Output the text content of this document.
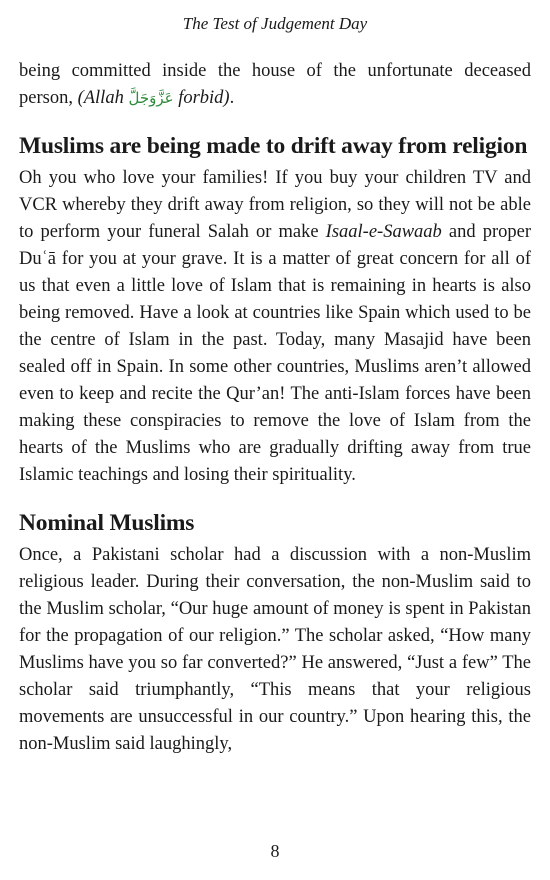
The Test of Judgement Day

being committed inside the house of the unfortunate deceased person, (Allah عَزَّوَجَلَّ forbid).

Muslims are being made to drift away from religion

Oh you who love your families! If you buy your children TV and VCR whereby they drift away from religion, so they will not be able to perform your funeral Salah or make Isaal-e-Sawaab and proper Duʿā for you at your grave. It is a matter of great concern for all of us that even a little love of Islam that is remaining in hearts is also being removed. Have a look at countries like Spain which used to be the centre of Islam in the past. Today, many Masajid have been sealed off in Spain. In some other countries, Muslims aren’t allowed even to keep and recite the Qur’an! The anti-Islam forces have been making these conspiracies to remove the love of Islam from the hearts of the Muslims who are gradually drifting away from true Islamic teachings and losing their spirituality.

Nominal Muslims

Once, a Pakistani scholar had a discussion with a non-Muslim religious leader. During their conversation, the non-Muslim said to the Muslim scholar, “Our huge amount of money is spent in Pakistan for the propagation of our religion.” The scholar asked, “How many Muslims have you so far converted?” He answered, “Just a few” The scholar said triumphantly, “This means that your religious movements are unsuccessful in our country.” Upon hearing this, the non-Muslim said laughingly,

8
